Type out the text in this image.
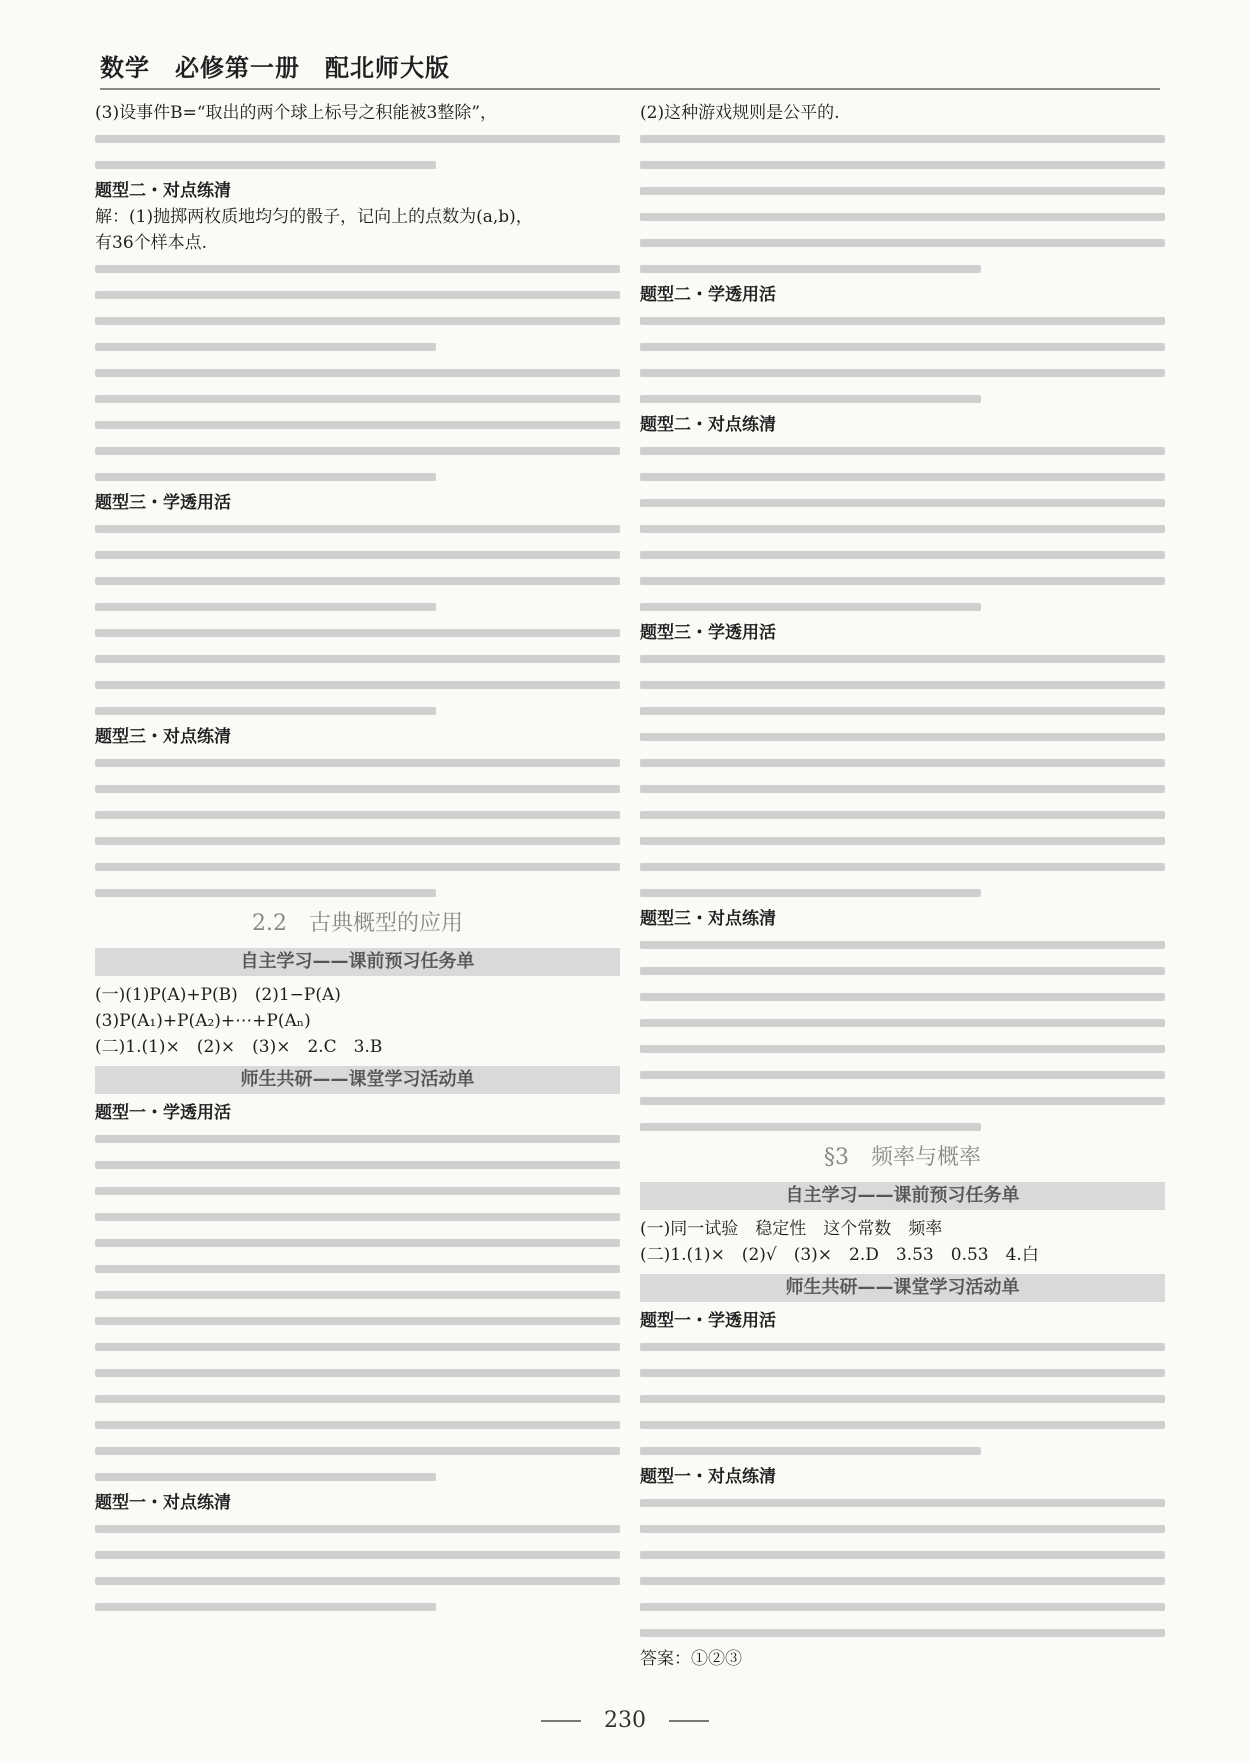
数学　必修第一册　配北师大版
(3)设事件B=“取出的两个球上标号之积能被3整除”，
题型二・对点练清
解：(1)抛掷两枚质地均匀的骰子，记向上的点数为(a,b)，
有36个样本点.
题型三・学透用活
题型三・对点练清
2.2　古典概型的应用
自主学习——课前预习任务单
(一)(1)P(A)+P(B)　(2)1−P(A)
(3)P(A₁)+P(A₂)+⋯+P(Aₙ)
(二)1.(1)×　(2)×　(3)×　2.C　3.B
师生共研——课堂学习活动单
题型一・学透用活
题型一・对点练清
(2)这种游戏规则是公平的.
题型二・学透用活
题型二・对点练清
题型三・学透用活
题型三・对点练清
§3　频率与概率
自主学习——课前预习任务单
(一)同一试验　稳定性　这个常数　频率
(二)1.(1)×　(2)√　(3)×　2.D　3.53　0.53　4.白
师生共研——课堂学习活动单
题型一・学透用活
题型一・对点练清
答案：①②③
230
